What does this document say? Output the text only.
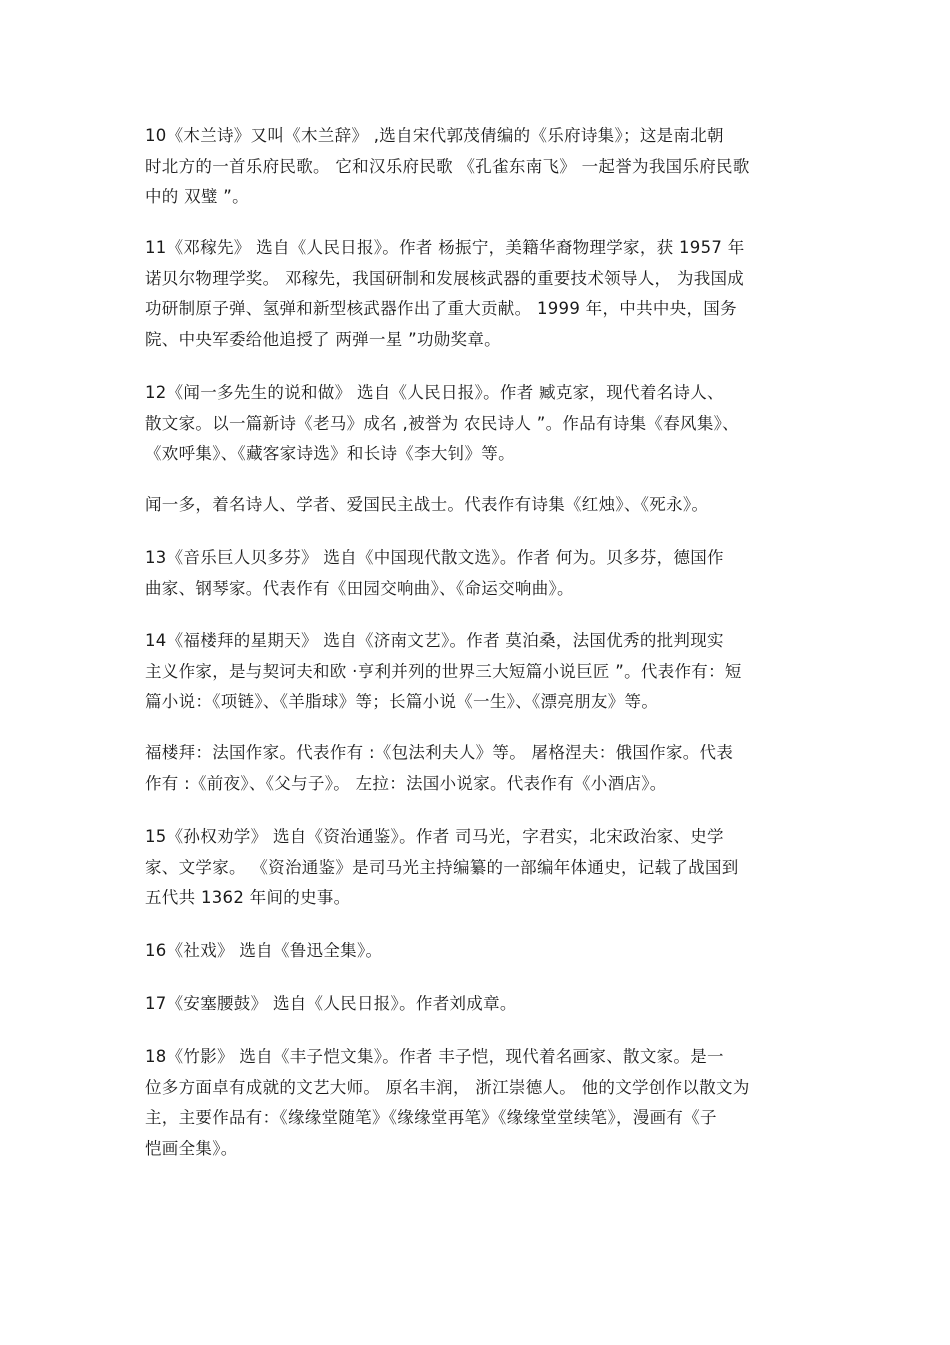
10《木兰诗》又叫《木兰辞》 ,选自宋代郭茂倩编的《乐府诗集》；这是南北朝
时北方的一首乐府民歌。 它和汉乐府民歌 《孔雀东南飞》 一起誉为我国乐府民歌
中的 双璧 ”。

11《邓稼先》 选自《人民日报》。作者 杨振宁，美籍华裔物理学家，获 1957 年
诺贝尔物理学奖。 邓稼先，我国研制和发展核武器的重要技术领导人， 为我国成
功研制原子弹、氢弹和新型核武器作出了重大贡献。 1999 年，中共中央，国务
院、中央军委给他追授了 两弹一星 ”功勋奖章。

12《闻一多先生的说和做》 选自《人民日报》。作者 臧克家，现代着名诗人、
散文家。以一篇新诗《老马》成名 ,被誉为 农民诗人 ”。作品有诗集《春风集》、
《欢呼集》、《藏客家诗选》和长诗《李大钊》等。

闻一多，着名诗人、学者、爱国民主战士。代表作有诗集《红烛》、《死永》。

13《音乐巨人贝多芬》 选自《中国现代散文选》。作者 何为。贝多芬，德国作
曲家、钢琴家。代表作有《田园交响曲》、《命运交响曲》。

14《福楼拜的星期天》 选自《济南文艺》。作者 莫泊桑，法国优秀的批判现实
主义作家，是与契诃夫和欧 ·亨利并列的世界三大短篇小说巨匠 ”。代表作有：短
篇小说：《项链》、《羊脂球》等；长篇小说《一生》、《漂亮朋友》等。

福楼拜：法国作家。代表作有 :《包法利夫人》等。 屠格涅夫：俄国作家。代表
作有 :《前夜》、《父与子》。 左拉：法国小说家。代表作有《小酒店》。

15《孙权劝学》 选自《资治通鉴》。作者 司马光，字君实，北宋政治家、史学
家、文学家。 《资治通鉴》是司马光主持编纂的一部编年体通史，记载了战国到
五代共 1362 年间的史事。

16《社戏》 选自《鲁迅全集》。

17《安塞腰鼓》 选自《人民日报》。作者刘成章。

18《竹影》 选自《丰子恺文集》。作者 丰子恺，现代着名画家、散文家。是一
位多方面卓有成就的文艺大师。 原名丰润， 浙江崇德人。 他的文学创作以散文为
主，主要作品有：《缘缘堂随笔》《缘缘堂再笔》《缘缘堂堂续笔》，漫画有《子
恺画全集》。
